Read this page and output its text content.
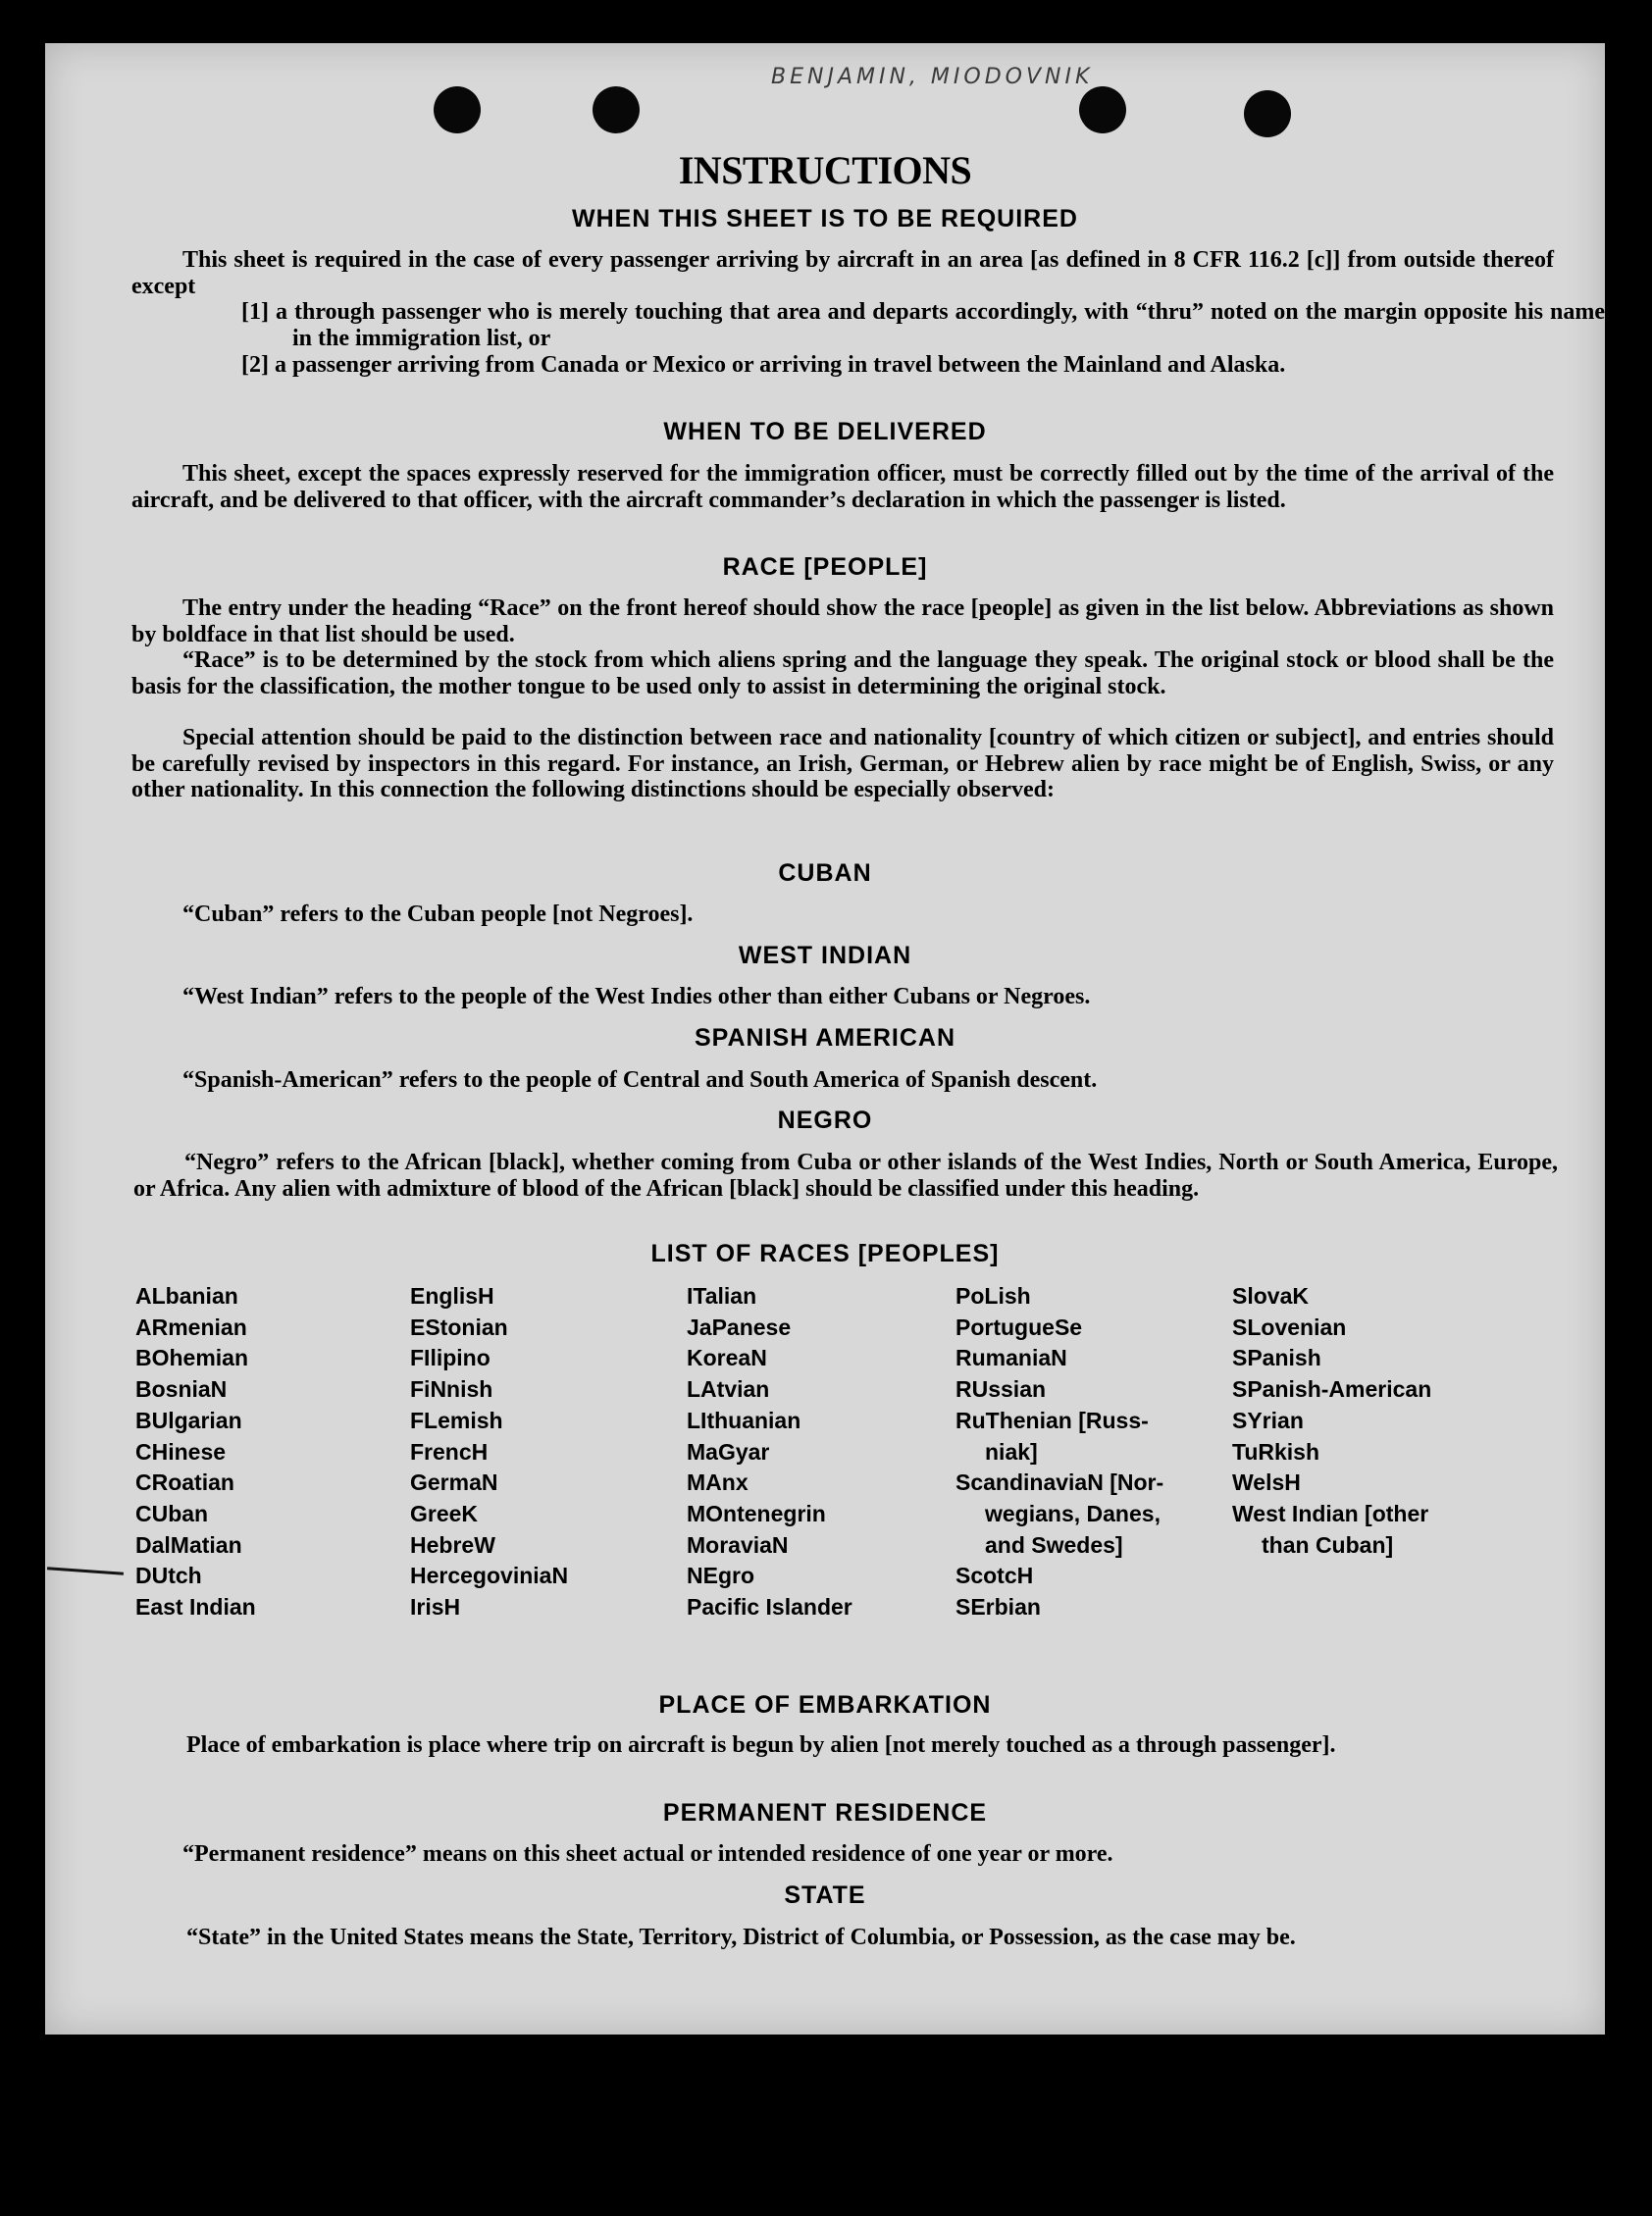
BENJAMIN, MIODOVNIK
INSTRUCTIONS
WHEN THIS SHEET IS TO BE REQUIRED
This sheet is required in the case of every passenger arriving by aircraft in an area [as defined in 8 CFR 116.2 [c]] from outside thereof except
[1] a through passenger who is merely touching that area and departs accordingly, with “thru” noted on the margin opposite his name in the immigration list, or
[2] a passenger arriving from Canada or Mexico or arriving in travel between the Mainland and Alaska.
WHEN TO BE DELIVERED
This sheet, except the spaces expressly reserved for the immigration officer, must be correctly filled out by the time of the arrival of the aircraft, and be delivered to that officer, with the aircraft commander’s declaration in which the passenger is listed.
RACE [PEOPLE]
The entry under the heading “Race” on the front hereof should show the race [people] as given in the list below. Abbreviations as shown by boldface in that list should be used.
“Race” is to be determined by the stock from which aliens spring and the language they speak. The original stock or blood shall be the basis for the classification, the mother tongue to be used only to assist in determining the original stock.
Special attention should be paid to the distinction between race and nationality [country of which citizen or subject], and entries should be carefully revised by inspectors in this regard. For instance, an Irish, German, or Hebrew alien by race might be of English, Swiss, or any other nationality. In this connection the following distinctions should be especially observed:
CUBAN
“Cuban” refers to the Cuban people [not Negroes].
WEST INDIAN
“West Indian” refers to the people of the West Indies other than either Cubans or Negroes.
SPANISH AMERICAN
“Spanish-American” refers to the people of Central and South America of Spanish descent.
NEGRO
“Negro” refers to the African [black], whether coming from Cuba or other islands of the West Indies, North or South America, Europe, or Africa. Any alien with admixture of blood of the African [black] should be classified under this heading.
LIST OF RACES [PEOPLES]
ALbanian
ARmenian
BOhemian
BosniaN
BUlgarian
CHinese
CRoatian
CUban
DalMatian
DUtch
East Indian
EnglisH
EStonian
FIlipino
FiNnish
FLemish
FrencH
GermaN
GreeK
HebreW
HercegoviniaN
IrisH
ITalian
JaPanese
KoreaN
LAtvian
LIthuanian
MaGyar
MAnx
MOntenegrin
MoraviaN
NEgro
Pacific Islander
PoLish
PortugueSe
RumaniaN
RUssian
RuThenian [Russ-
niak]
ScandinaviaN [Nor-
wegians, Danes,
and Swedes]
ScotcH
SErbian
SlovaK
SLovenian
SPanish
SPanish-American
SYrian
TuRkish
WelsH
West Indian [other
than Cuban]
PLACE OF EMBARKATION
Place of embarkation is place where trip on aircraft is begun by alien [not merely touched as a through passenger].
PERMANENT RESIDENCE
“Permanent residence” means on this sheet actual or intended residence of one year or more.
STATE
“State” in the United States means the State, Territory, District of Columbia, or Possession, as the case may be.
